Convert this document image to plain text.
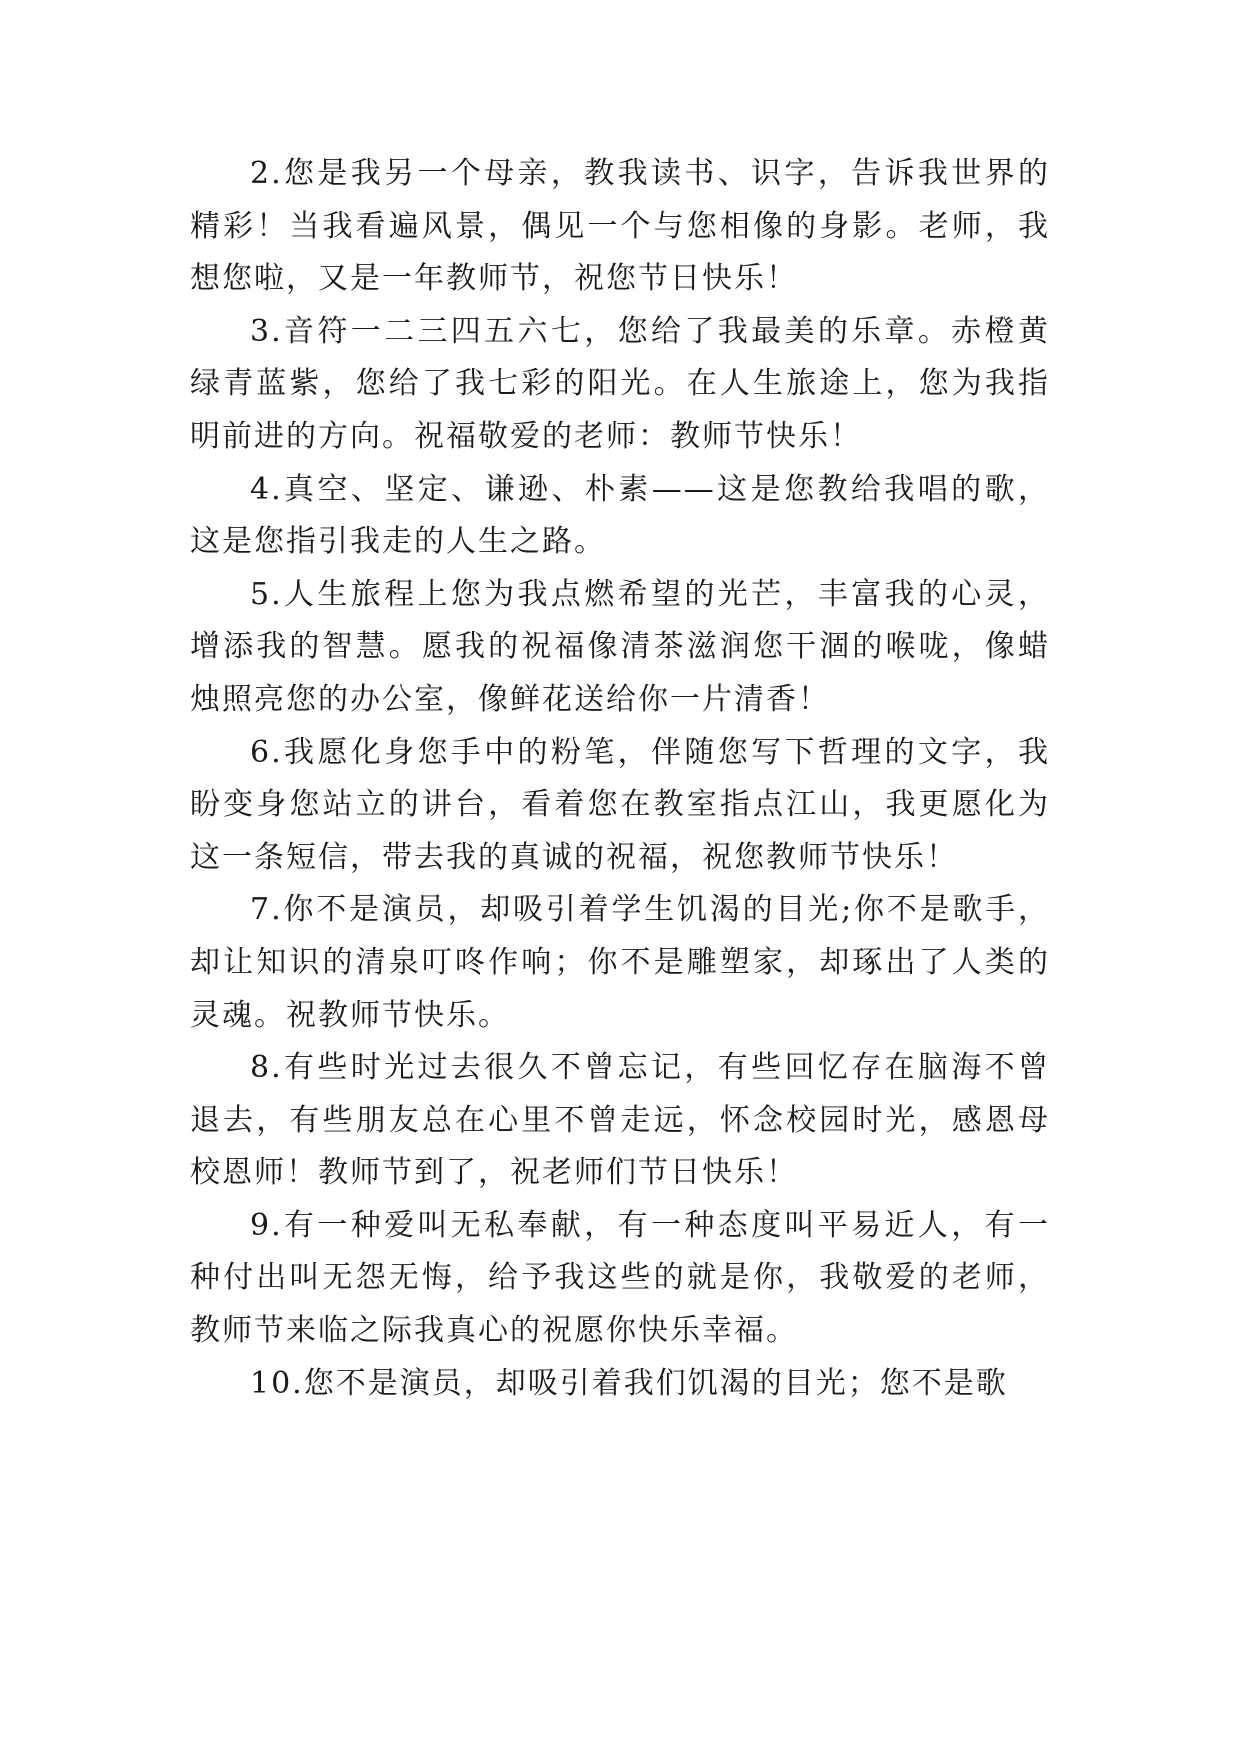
2.您是我另一个母亲，教我读书、识字，告诉我世界的精彩！当我看遍风景，偶见一个与您相像的身影。老师，我想您啦，又是一年教师节，祝您节日快乐！

3.音符一二三四五六七，您给了我最美的乐章。赤橙黄绿青蓝紫，您给了我七彩的阳光。在人生旅途上，您为我指明前进的方向。祝福敬爱的老师：教师节快乐！

4.真空、坚定、谦逊、朴素——这是您教给我唱的歌，这是您指引我走的人生之路。

5.人生旅程上您为我点燃希望的光芒，丰富我的心灵，增添我的智慧。愿我的祝福像清茶滋润您干涸的喉咙，像蜡烛照亮您的办公室，像鲜花送给你一片清香！

6.我愿化身您手中的粉笔，伴随您写下哲理的文字，我盼变身您站立的讲台，看着您在教室指点江山，我更愿化为这一条短信，带去我的真诚的祝福，祝您教师节快乐！

7.你不是演员，却吸引着学生饥渴的目光;你不是歌手，却让知识的清泉叮咚作响；你不是雕塑家，却琢出了人类的灵魂。祝教师节快乐。

8.有些时光过去很久不曾忘记，有些回忆存在脑海不曾退去，有些朋友总在心里不曾走远，怀念校园时光，感恩母校恩师！教师节到了，祝老师们节日快乐！

9.有一种爱叫无私奉献，有一种态度叫平易近人，有一种付出叫无怨无悔，给予我这些的就是你，我敬爱的老师，教师节来临之际我真心的祝愿你快乐幸福。

10.您不是演员，却吸引着我们饥渴的目光；您不是歌
